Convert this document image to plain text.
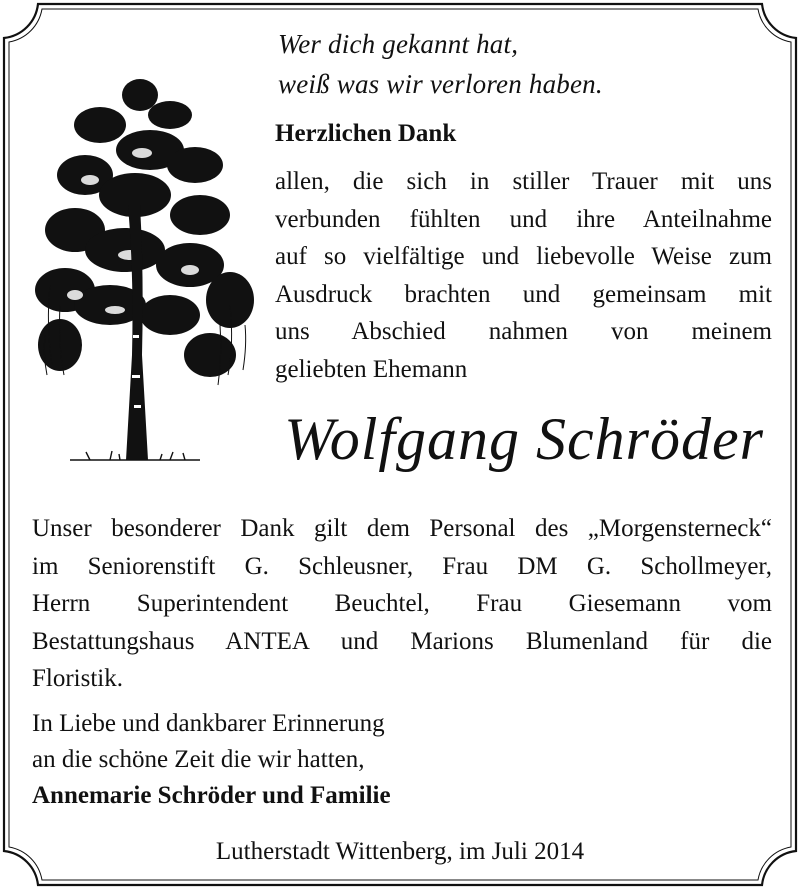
Wer dich gekannt hat,
weiß was wir verloren haben.
Herzlichen Dank
allen, die sich in stiller Trauer mit uns
verbunden fühlten und ihre Anteilnahme
auf so vielfältige und liebevolle Weise zum
Ausdruck brachten und gemeinsam mit
uns Abschied nahmen von meinem
geliebten Ehemann
Wolfgang Schröder
Unser besonderer Dank gilt dem Personal des „Morgensterneck“
im Seniorenstift G. Schleusner, Frau DM G. Schollmeyer,
Herrn Superintendent Beuchtel, Frau Giesemann vom
Bestattungshaus ANTEA und Marions Blumenland für die
Floristik.
In Liebe und dankbarer Erinnerung
an die schöne Zeit die wir hatten,
Annemarie Schröder und Familie
Lutherstadt Wittenberg, im Juli 2014
